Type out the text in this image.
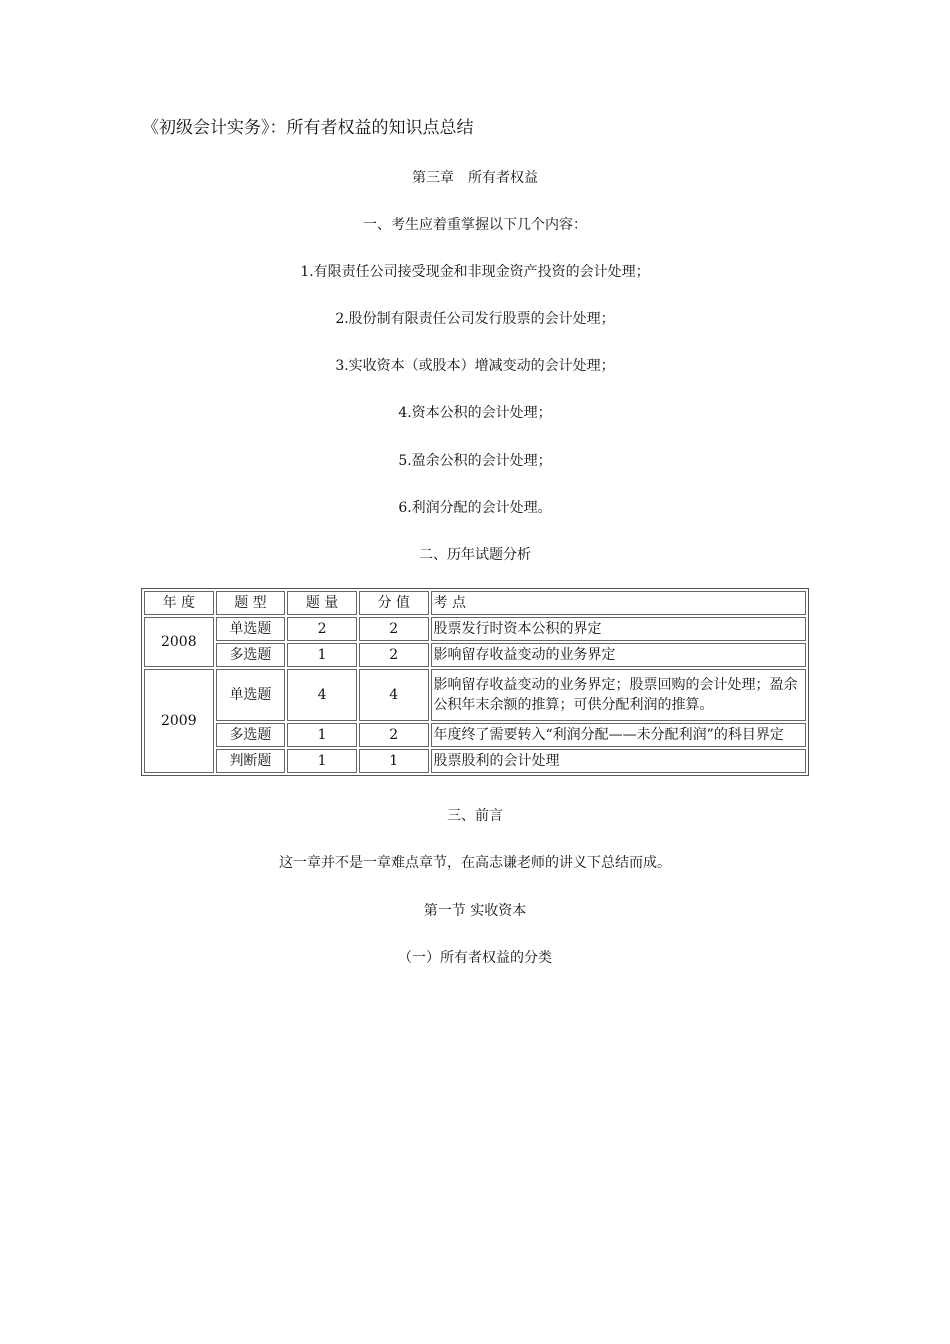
《初级会计实务》：所有者权益的知识点总结
第三章　所有者权益
一、考生应着重掌握以下几个内容：
1.有限责任公司接受现金和非现金资产投资的会计处理；
2.股份制有限责任公司发行股票的会计处理；
3.实收资本（或股本）增减变动的会计处理；
4.资本公积的会计处理；
5.盈余公积的会计处理；
6.利润分配的会计处理。
二、历年试题分析
年 度	题 型	题 量	分 值	考 点
2008	单选题	2	2	股票发行时资本公积的界定
	多选题	1	2	影响留存收益变动的业务界定
2009	单选题	4	4	影响留存收益变动的业务界定；股票回购的会计处理；盈余公积年末余额的推算；可供分配利润的推算。
	多选题	1	2	年度终了需要转入“利润分配——未分配利润”的科目界定
	判断题	1	1	股票股利的会计处理
三、前言
这一章并不是一章难点章节，在高志谦老师的讲义下总结而成。
第一节 实收资本
（一）所有者权益的分类
